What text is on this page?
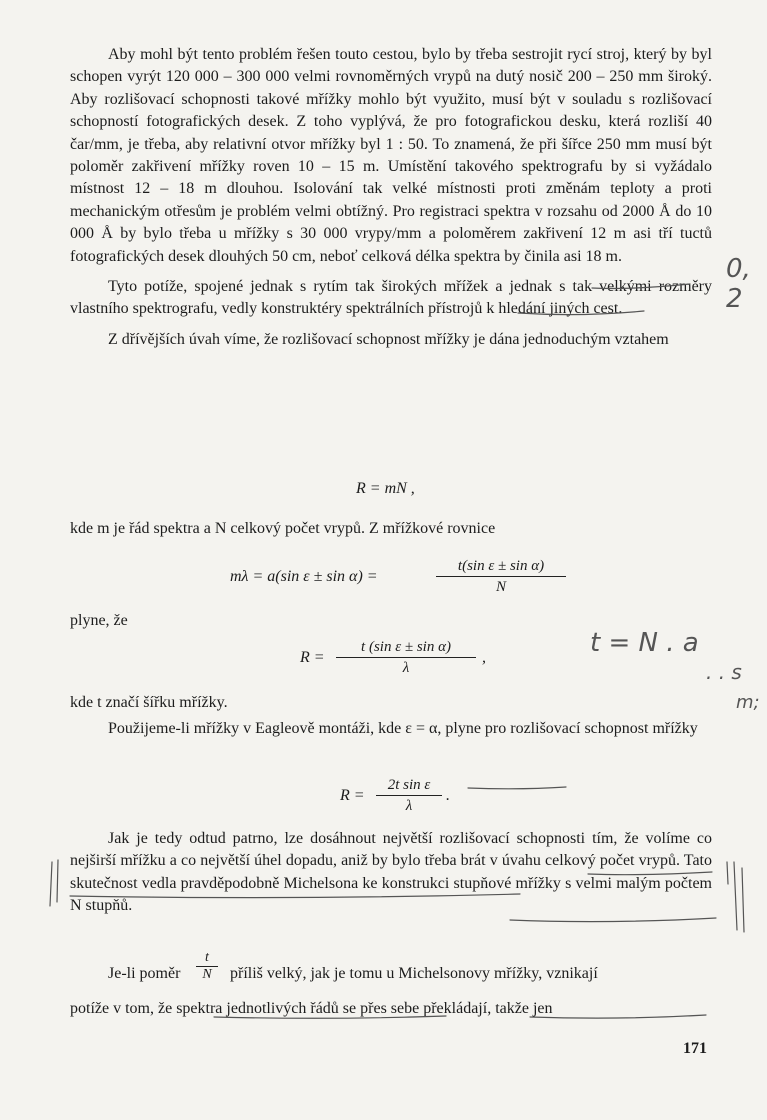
Aby mohl být tento problém řešen touto cestou, bylo by třeba sestrojit rycí stroj, který by byl schopen vyrýt 120 000 – 300 000 velmi rovnoměrných vrypů na dutý nosič 200 – 250 mm široký. Aby rozlišovací schopnosti takové mřížky mohlo být využito, musí být v souladu s rozlišovací schopností fotografických desek. Z toho vyplývá, že pro fotografickou desku, která rozliší 40 čar/mm, je třeba, aby relativní otvor mřížky byl 1 : 50. To znamená, že při šířce 250 mm musí být poloměr zakřivení mřížky roven 10 – 15 m. Umístění takového spektrografu by si vyžádalo místnost 12 – 18 m dlouhou. Isolování tak velké místnosti proti změnám teploty a proti mechanickým otřesům je problém velmi obtížný. Pro registraci spektra v rozsahu od 2000 Å do 10 000 Å by bylo třeba u mřížky s 30 000 vrypy/mm a poloměrem zakřivení 12 m asi tří tuctů fotografických desek dlouhých 50 cm, neboť celková délka spektra by činila asi 18 m.

Tyto potíže, spojené jednak s rytím tak širokých mřížek a jednak s tak velkými rozměry vlastního spektrografu, vedly konstruktéry spektrálních přístrojů k hledání jiných cest.

Z dřívějších úvah víme, že rozlišovací schopnost mřížky je dána jednoduchým vztahem

R = mN ,
kde m je řád spektra a N celkový počet vrypů. Z mřížkové rovnice
mλ = a(sin ε ± sin α) =	$\frac{\text{t(sin ε ± sin α)}}{N}$
plyne, že
$R = \frac{\text{t (sin ε ± sin α)}}{\lambda}$ ,
kde t značí šířku mřížky.

Použijeme-li mřížky v Eagleově montáži, kde ε = α, plyne pro rozlišovací schopnost mřížky

$R = \frac{\text{2t sin ε}}{\lambda}$ .

Jak je tedy odtud patrno, lze dosáhnout největší rozlišovací schopnosti tím, že volíme co nejširší mřížku a co největší úhel dopadu, aniž by bylo třeba brát v úvahu celkový počet vrypů. Tato skutečnost vedla pravděpodobně Michelsona ke konstrukci stupňové mřížky s velmi malým počtem N stupňů.

Je-li poměr $\frac{t}{N}$ příliš velký, jak je tomu u Michelsonovy mřížky, vznikají
potíže v tom, že spektra jednotlivých řádů se přes sebe překládají, takže jen
171
0, 2
t = N . a
. . s
m;
